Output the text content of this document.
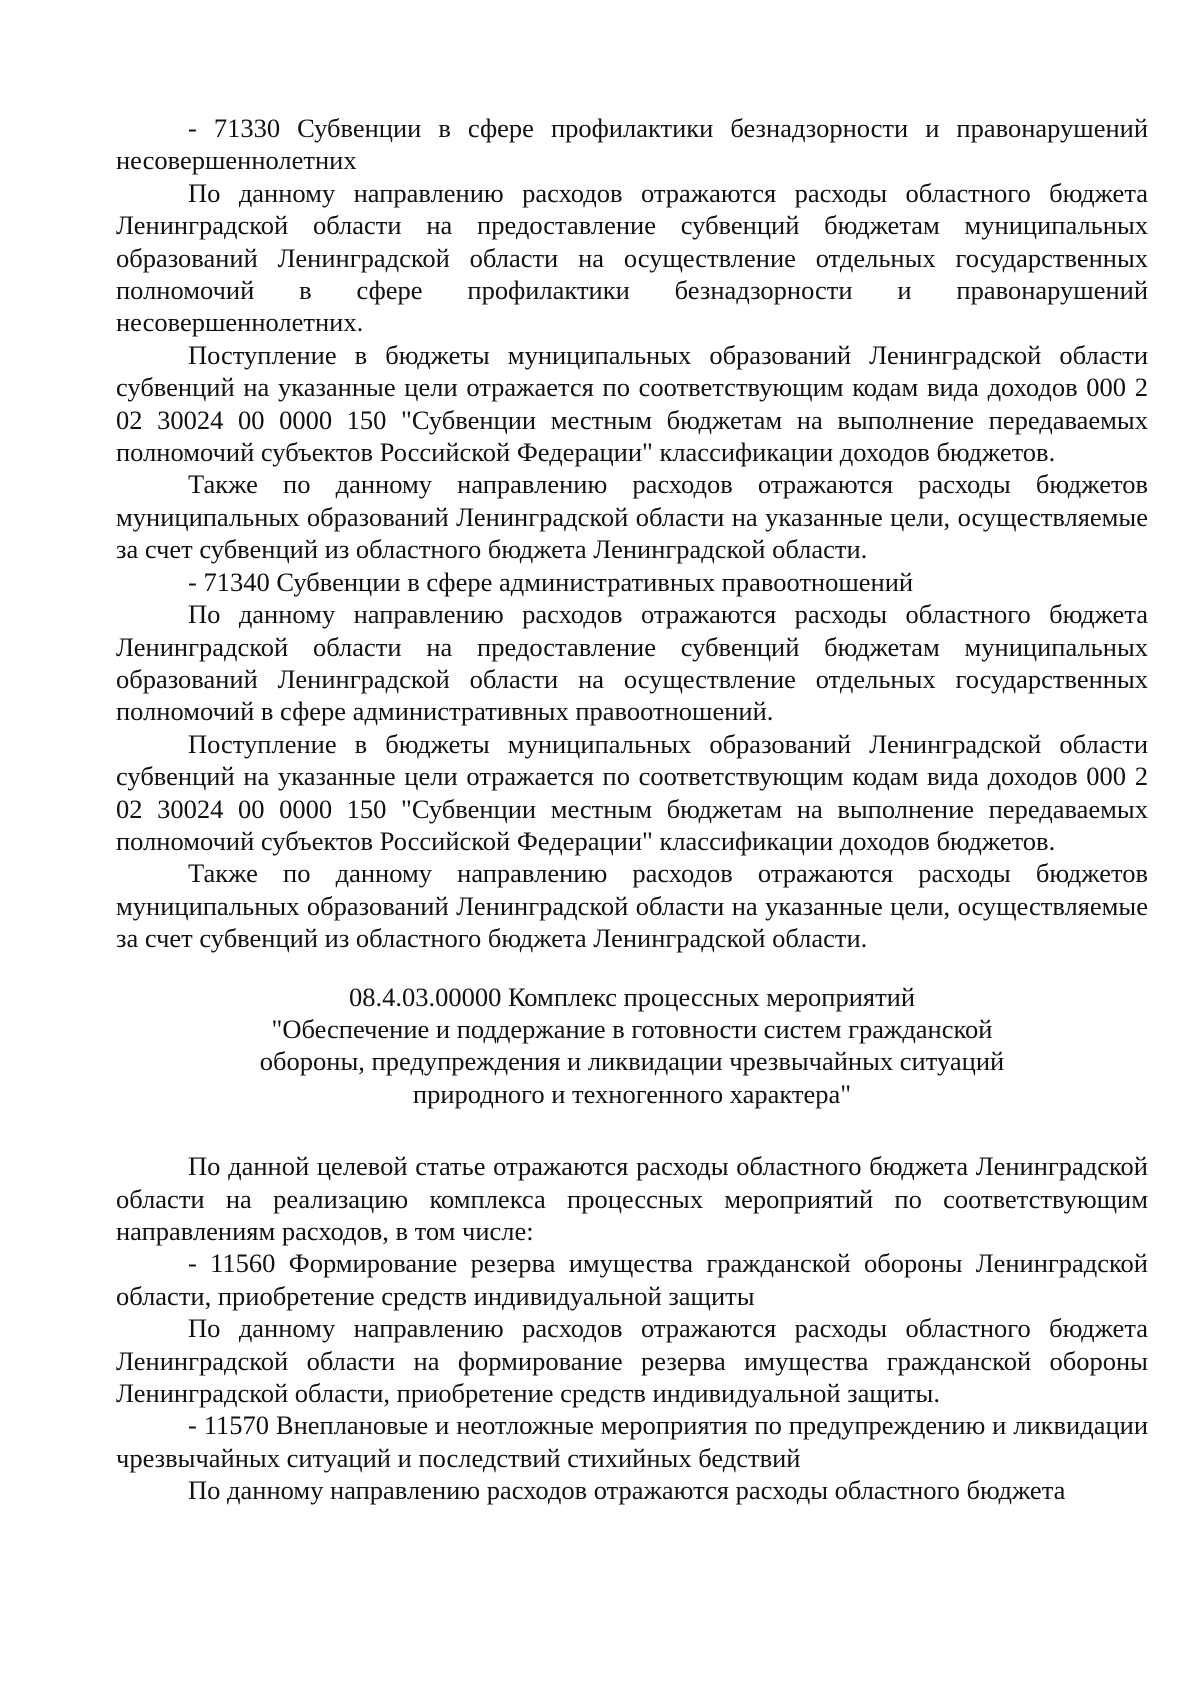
- 71330 Субвенции в сфере профилактики безнадзорности и правонарушений несовершеннолетних

По данному направлению расходов отражаются расходы областного бюджета Ленинградской области на предоставление субвенций бюджетам муниципальных образований Ленинградской области на осуществление отдельных государственных полномочий в сфере профилактики безнадзорности и правонарушений несовершеннолетних.

Поступление в бюджеты муниципальных образований Ленинградской области субвенций на указанные цели отражается по соответствующим кодам вида доходов 000 2 02 30024 00 0000 150 "Субвенции местным бюджетам на выполнение передаваемых полномочий субъектов Российской Федерации" классификации доходов бюджетов.

Также по данному направлению расходов отражаются расходы бюджетов муниципальных образований Ленинградской области на указанные цели, осуществляемые за счет субвенций из областного бюджета Ленинградской области.

- 71340 Субвенции в сфере административных правоотношений

По данному направлению расходов отражаются расходы областного бюджета Ленинградской области на предоставление субвенций бюджетам муниципальных образований Ленинградской области на осуществление отдельных государственных полномочий в сфере административных правоотношений.

Поступление в бюджеты муниципальных образований Ленинградской области субвенций на указанные цели отражается по соответствующим кодам вида доходов 000 2 02 30024 00 0000 150 "Субвенции местным бюджетам на выполнение передаваемых полномочий субъектов Российской Федерации" классификации доходов бюджетов.

Также по данному направлению расходов отражаются расходы бюджетов муниципальных образований Ленинградской области на указанные цели, осуществляемые за счет субвенций из областного бюджета Ленинградской области.

08.4.03.00000 Комплекс процессных мероприятий
"Обеспечение и поддержание в готовности систем гражданской
обороны, предупреждения и ликвидации чрезвычайных ситуаций
природного и техногенного характера"

По данной целевой статье отражаются расходы областного бюджета Ленинградской области на реализацию комплекса процессных мероприятий по соответствующим направлениям расходов, в том числе:

- 11560 Формирование резерва имущества гражданской обороны Ленинградской области, приобретение средств индивидуальной защиты

По данному направлению расходов отражаются расходы областного бюджета Ленинградской области на формирование резерва имущества гражданской обороны Ленинградской области, приобретение средств индивидуальной защиты.

- 11570 Внеплановые и неотложные мероприятия по предупреждению и ликвидации чрезвычайных ситуаций и последствий стихийных бедствий

По данному направлению расходов отражаются расходы областного бюджета
